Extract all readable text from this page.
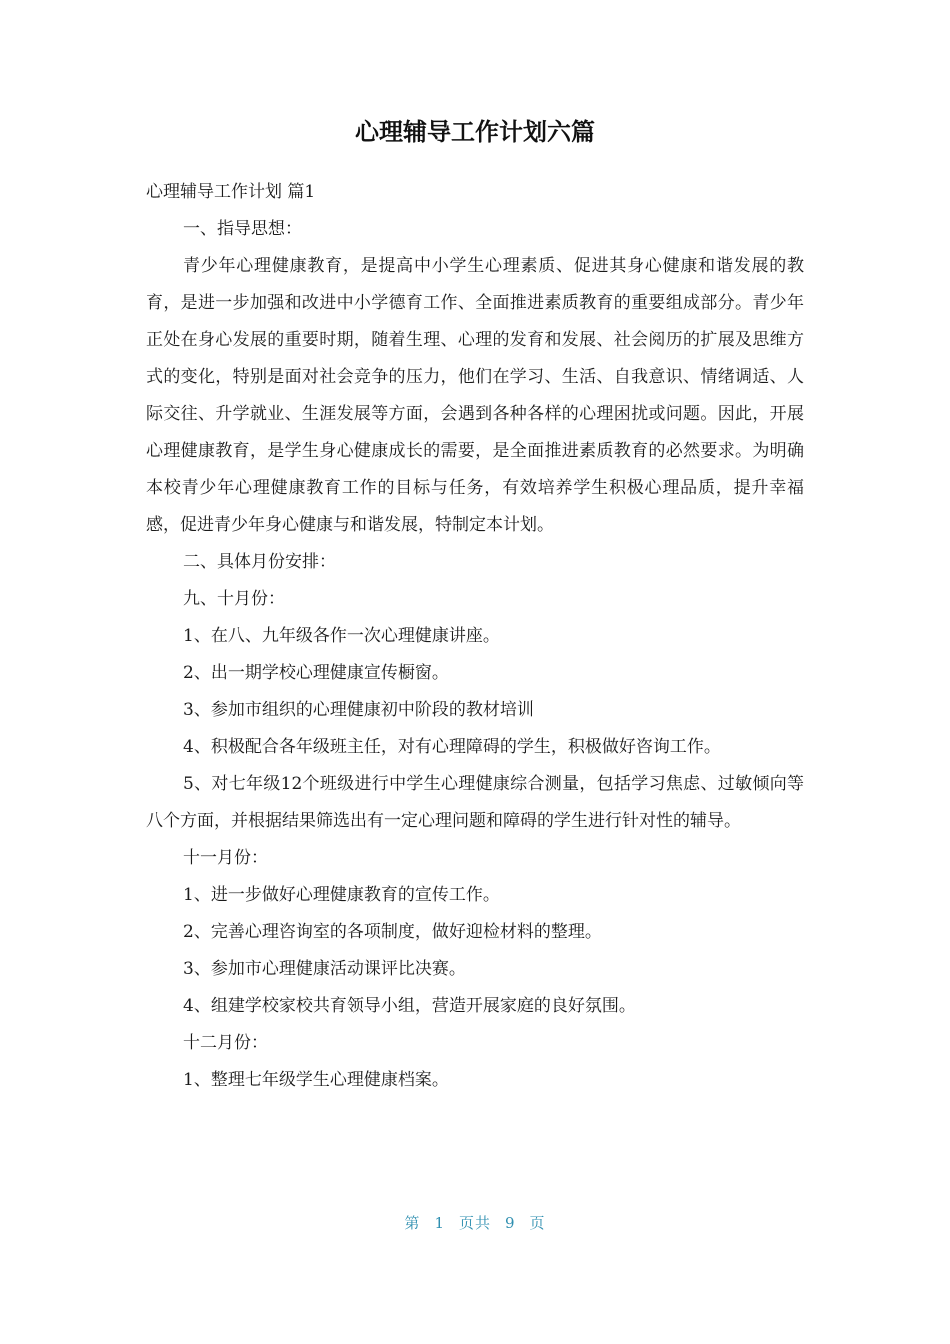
心理辅导工作计划六篇

心理辅导工作计划 篇1

一、指导思想：

青少年心理健康教育，是提高中小学生心理素质、促进其身心健康和谐发展的教育，是进一步加强和改进中小学德育工作、全面推进素质教育的重要组成部分。青少年正处在身心发展的重要时期，随着生理、心理的发育和发展、社会阅历的扩展及思维方式的变化，特别是面对社会竞争的压力，他们在学习、生活、自我意识、情绪调适、人际交往、升学就业、生涯发展等方面，会遇到各种各样的心理困扰或问题。因此，开展心理健康教育，是学生身心健康成长的需要，是全面推进素质教育的必然要求。为明确本校青少年心理健康教育工作的目标与任务，有效培养学生积极心理品质，提升幸福感，促进青少年身心健康与和谐发展，特制定本计划。

二、具体月份安排：

九、十月份：

1、在八、九年级各作一次心理健康讲座。

2、出一期学校心理健康宣传橱窗。

3、参加市组织的心理健康初中阶段的教材培训

4、积极配合各年级班主任，对有心理障碍的学生，积极做好咨询工作。

5、对七年级12个班级进行中学生心理健康综合测量，包括学习焦虑、过敏倾向等八个方面，并根据结果筛选出有一定心理问题和障碍的学生进行针对性的辅导。

十一月份：

1、进一步做好心理健康教育的宣传工作。

2、完善心理咨询室的各项制度，做好迎检材料的整理。

3、参加市心理健康活动课评比决赛。

4、组建学校家校共育领导小组，营造开展家庭的良好氛围。

十二月份：

1、整理七年级学生心理健康档案。

第 1 页共 9 页
